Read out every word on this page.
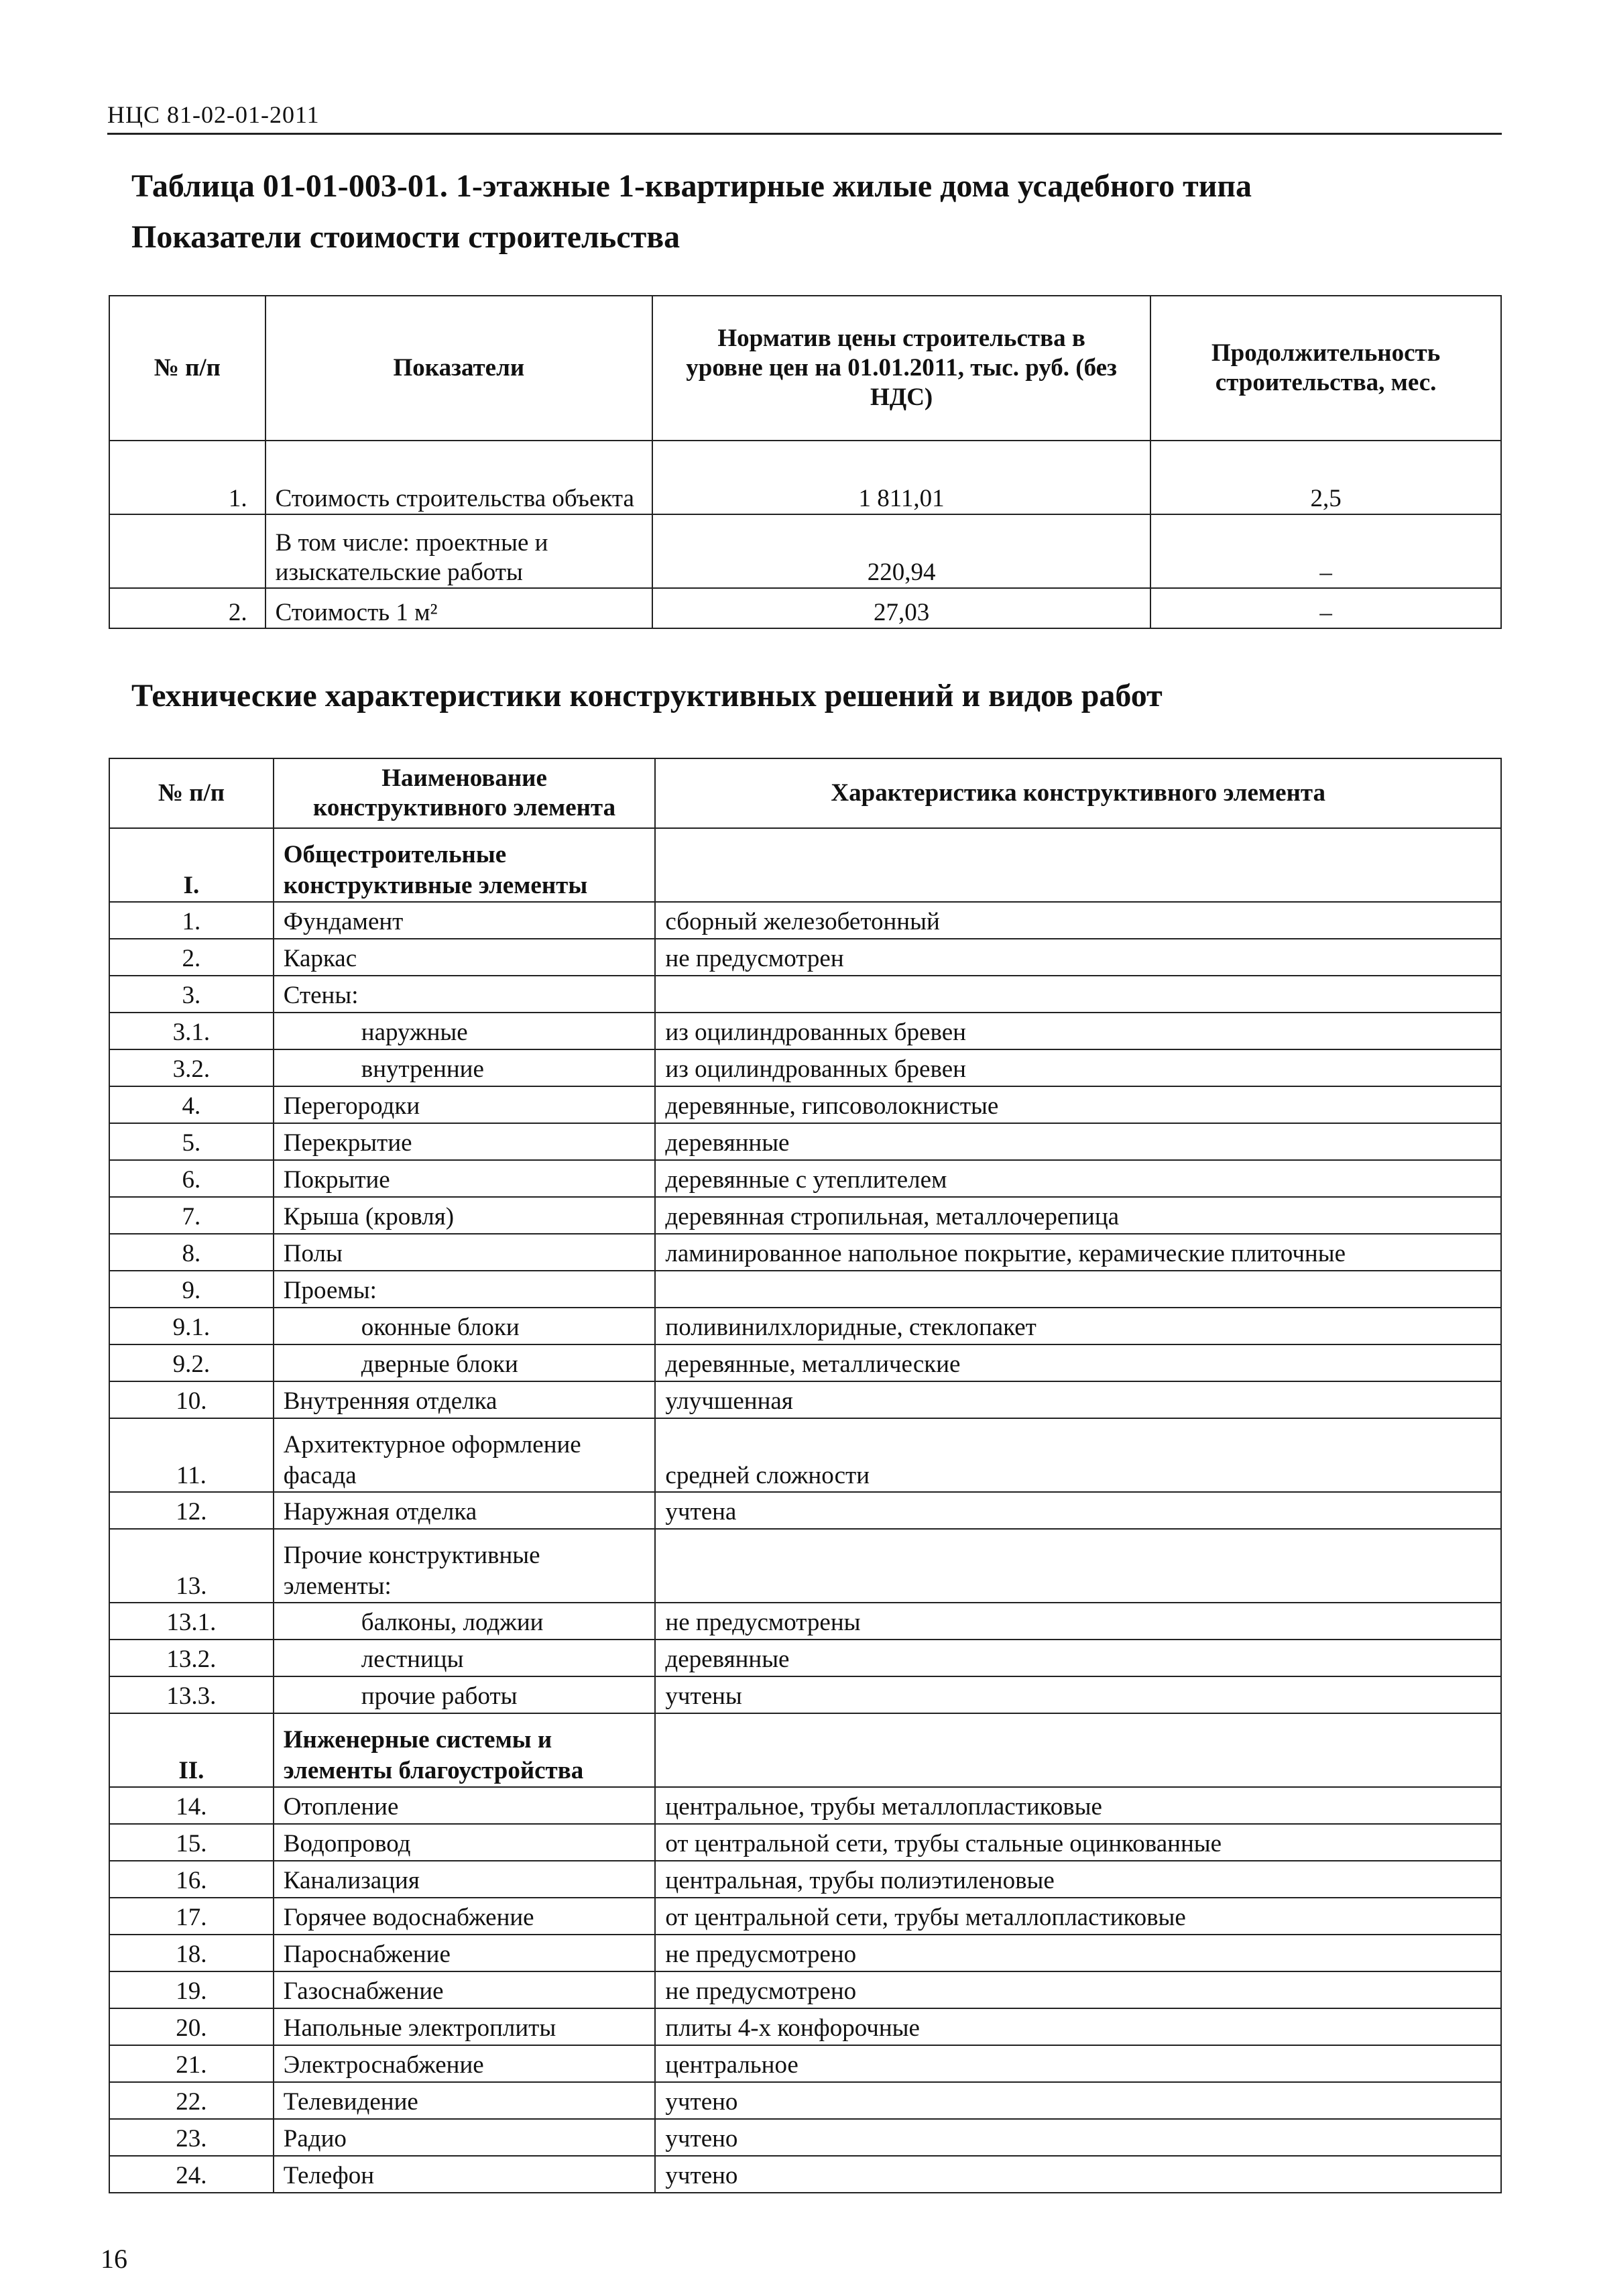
НЦС 81-02-01-2011
Таблица 01-01-003-01. 1-этажные 1-квартирные жилые дома усадебного типа
Показатели стоимости строительства
№ п/п	Показатели	Норматив цены строительства в уровне цен на 01.01.2011, тыс. руб. (без НДС)	Продолжительность строительства, мес.
1.	Стоимость строительства объекта	1 811,01	2,5
	В том числе: проектные и изыскательские работы	220,94	–
2.	Стоимость 1 м²	27,03	–
Технические характеристики конструктивных решений и видов работ
№ п/п	Наименование конструктивного элемента	Характеристика конструктивного элемента
I.	Общестроительные конструктивные элементы	
1.	Фундамент	сборный железобетонный
2.	Каркас	не предусмотрен
3.	Стены:	
3.1.	наружные	из оцилиндрованных бревен
3.2.	внутренние	из оцилиндрованных бревен
4.	Перегородки	деревянные, гипсоволокнистые
5.	Перекрытие	деревянные
6.	Покрытие	деревянные с утеплителем
7.	Крыша (кровля)	деревянная стропильная, металлочерепица
8.	Полы	ламинированное напольное покрытие, керамические плиточные
9.	Проемы:	
9.1.	оконные блоки	поливинилхлоридные, стеклопакет
9.2.	дверные блоки	деревянные, металлические
10.	Внутренняя отделка	улучшенная
11.	Архитектурное оформление фасада	средней сложности
12.	Наружная отделка	учтена
13.	Прочие конструктивные элементы:	
13.1.	балконы, лоджии	не предусмотрены
13.2.	лестницы	деревянные
13.3.	прочие работы	учтены
II.	Инженерные системы и элементы благоустройства	
14.	Отопление	центральное, трубы металлопластиковые
15.	Водопровод	от центральной сети, трубы стальные оцинкованные
16.	Канализация	центральная, трубы полиэтиленовые
17.	Горячее водоснабжение	от центральной сети, трубы металлопластиковые
18.	Пароснабжение	не предусмотрено
19.	Газоснабжение	не предусмотрено
20.	Напольные электроплиты	плиты 4-х конфорочные
21.	Электроснабжение	центральное
22.	Телевидение	учтено
23.	Радио	учтено
24.	Телефон	учтено
16
